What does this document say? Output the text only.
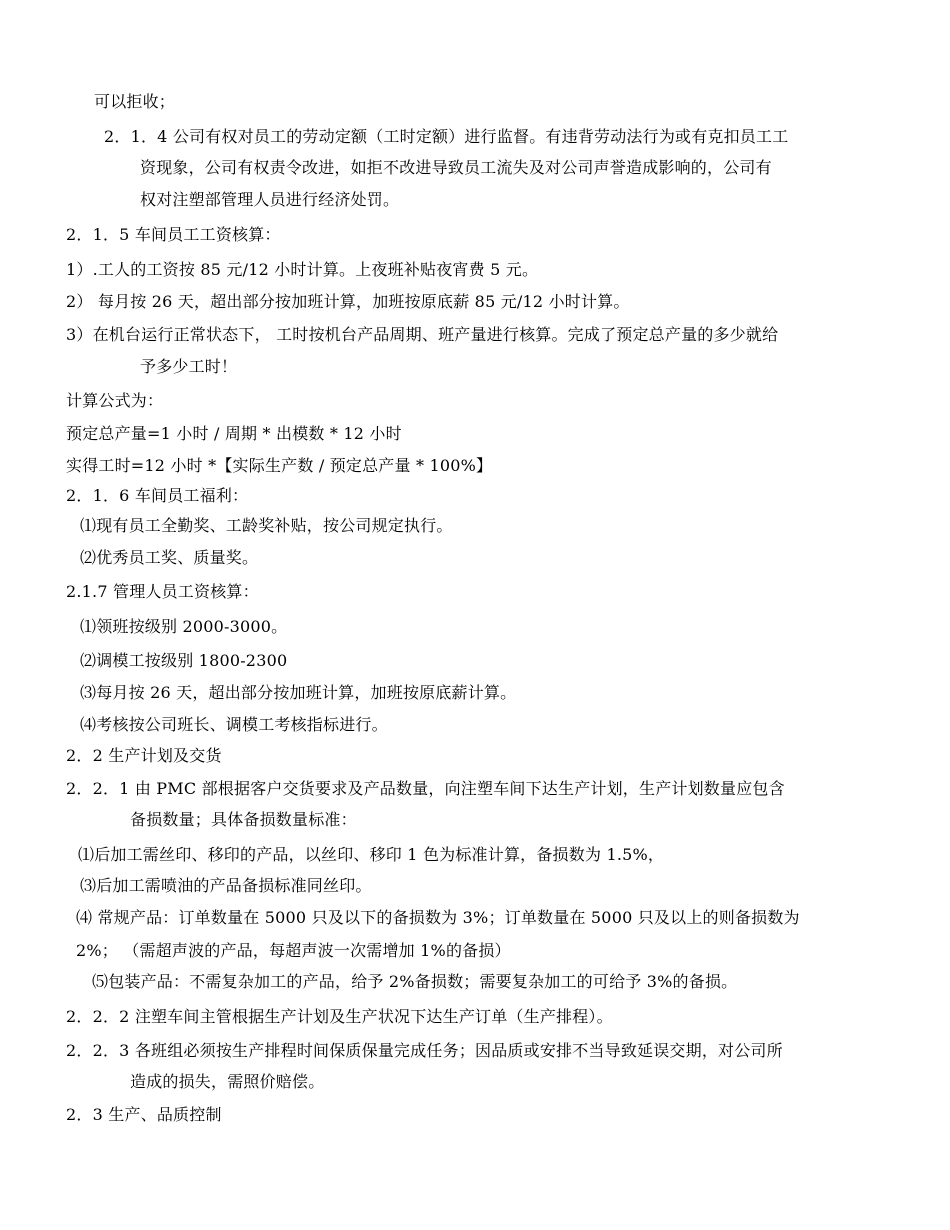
可以拒收；
2．1．4 公司有权对员工的劳动定额（工时定额）进行监督。有违背劳动法行为或有克扣员工工
资现象，公司有权责令改进，如拒不改进导致员工流失及对公司声誉造成影响的，公司有
权对注塑部管理人员进行经济处罚。
2．1．5 车间员工工资核算：
1）.工人的工资按 85 元/12 小时计算。上夜班补贴夜宵费 5 元。
2） 每月按 26 天，超出部分按加班计算，加班按原底薪 85 元/12 小时计算。
3）在机台运行正常状态下， 工时按机台产品周期、班产量进行核算。完成了预定总产量的多少就给
予多少工时！
计算公式为：
预定总产量=1 小时 / 周期 * 出模数 * 12 小时
实得工时=12 小时 *【实际生产数 / 预定总产量 * 100%】
2．1．6 车间员工福利：
⑴现有员工全勤奖、工龄奖补贴，按公司规定执行。
⑵优秀员工奖、质量奖。
2.1.7 管理人员工资核算：
⑴领班按级别 2000-3000。
⑵调模工按级别 1800-2300
⑶每月按 26 天，超出部分按加班计算，加班按原底薪计算。
⑷考核按公司班长、调模工考核指标进行。
2．2 生产计划及交货
2．2．1 由 PMC 部根据客户交货要求及产品数量，向注塑车间下达生产计划，生产计划数量应包含
备损数量；具体备损数量标准：
⑴后加工需丝印、移印的产品，以丝印、移印 1 色为标准计算，备损数为 1.5%，
⑶后加工需喷油的产品备损标准同丝印。
⑷ 常规产品：订单数量在 5000 只及以下的备损数为 3%；订单数量在 5000 只及以上的则备损数为
2%； （需超声波的产品，每超声波一次需增加 1%的备损）
⑸包装产品：不需复杂加工的产品，给予 2%备损数；需要复杂加工的可给予 3%的备损。
2．2．2 注塑车间主管根据生产计划及生产状况下达生产订单（生产排程）。
2．2．3 各班组必须按生产排程时间保质保量完成任务；因品质或安排不当导致延误交期，对公司所
造成的损失，需照价赔偿。
2．3 生产、品质控制
